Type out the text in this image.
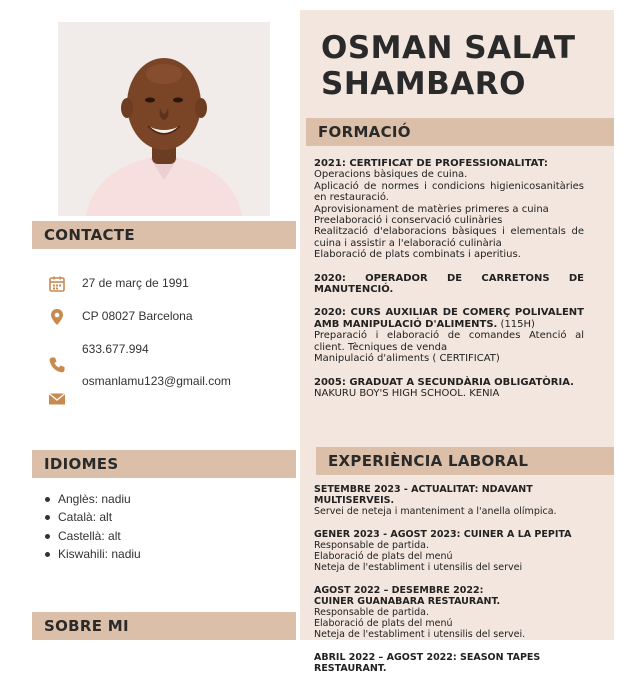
OSMAN SALAT
SHAMBARO
FORMACIÓ
CONTACTE
IDIOMES	EXPERIÈNCIA LABORAL
SOBRE MI
27 de març de 1991
CP 08027 Barcelona
633.677.994
osmanlamu123@gmail.com
Anglès: nadiu
Català: alt
Castellà: alt
Kiswahili: nadiu
2021: CERTIFICAT DE PROFESSIONALITAT:
Operacions bàsiques de cuina.
Aplicació de normes i condicions higienicosanitàries en restauració.
Aprovisionament de matèries primeres a cuina
Preelaboració i conservació culinàries
Realització d'elaboracions bàsiques i elementals de cuina i assistir a l'elaboració culinària
Elaboració de plats combinats i aperitius.
2020: OPERADOR DE CARRETONS DE MANUTENCIÓ.
2020: CURS AUXILIAR DE COMERÇ POLIVALENT AMB MANIPULACIÓ D'ALIMENTS. (115H)
Preparació i elaboració de comandes Atenció al client. Tècniques de venda
Manipulació d'aliments ( CERTIFICAT)
2005: GRADUAT A SECUNDÀRIA OBLIGATÒRIA.
NAKURU BOY'S HIGH SCHOOL. KENIA
SETEMBRE 2023 - ACTUALITAT: NDAVANT MULTISERVEIS.
Servei de neteja i manteniment a l'anella olímpica.
GENER 2023 - AGOST 2023: CUINER A LA PEPITA
Responsable de partida.
Elaboració de plats del menú
Neteja de l'establiment i utensilis del servei
AGOST 2022 – DESEMBRE 2022: CUINER GUANABARA RESTAURANT.
Responsable de partida.
Elaboració de plats del menú
Neteja de l'establiment i utensilis del servei.
ABRIL 2022 – AGOST 2022: SEASON TAPES RESTAURANT.
